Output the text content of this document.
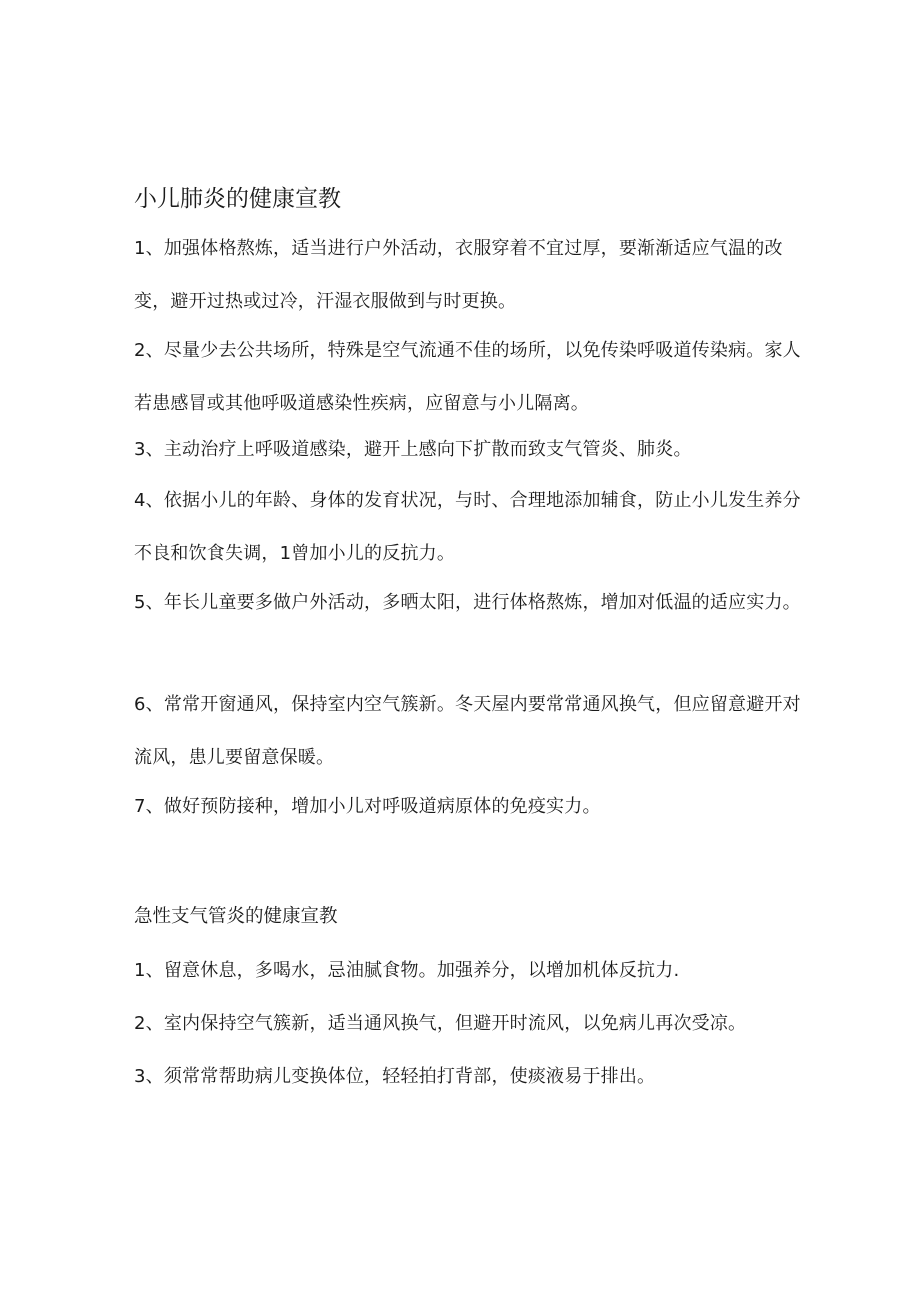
小儿肺炎的健康宣教

1、加强体格熬炼，适当进行户外活动，衣服穿着不宜过厚，要渐渐适应气温的改变，避开过热或过冷，汗湿衣服做到与时更换。

2、尽量少去公共场所，特殊是空气流通不佳的场所，以免传染呼吸道传染病。家人若患感冒或其他呼吸道感染性疾病，应留意与小儿隔离。

3、主动治疗上呼吸道感染，避开上感向下扩散而致支气管炎、肺炎。

4、依据小儿的年龄、身体的发育状况，与时、合理地添加辅食，防止小儿发生养分不良和饮食失调，1曾加小儿的反抗力。

5、年长儿童要多做户外活动，多晒太阳，进行体格熬炼，增加对低温的适应实力。

6、常常开窗通风，保持室内空气簇新。冬天屋内要常常通风换气，但应留意避开对流风，患儿要留意保暖。

7、做好预防接种，增加小儿对呼吸道病原体的免疫实力。

急性支气管炎的健康宣教

1、留意休息，多喝水，忌油腻食物。加强养分，以增加机体反抗力.

2、室内保持空气簇新，适当通风换气，但避开时流风，以免病儿再次受凉。

3、须常常帮助病儿变换体位，轻轻拍打背部，使痰液易于排出。
